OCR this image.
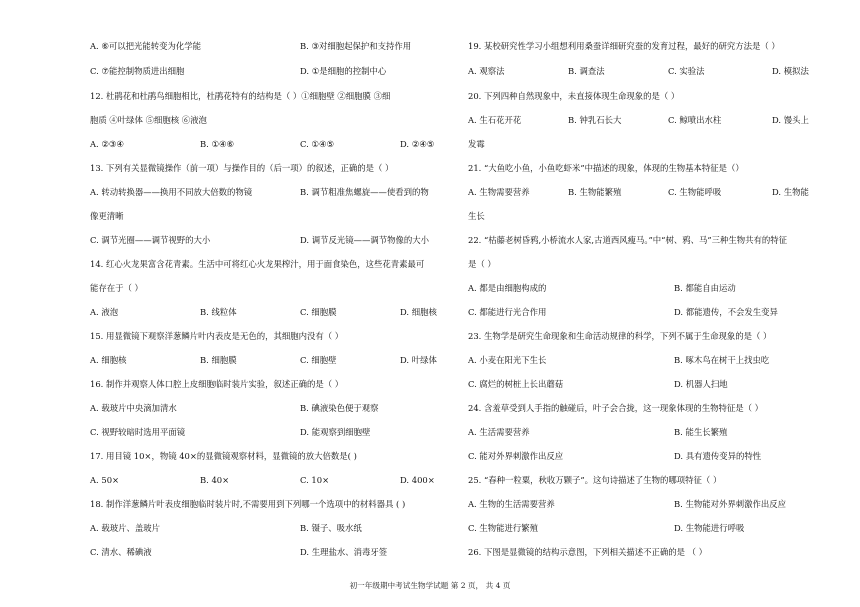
A. ⑥可以把光能转变为化学能	B. ③对细胞起保护和支持作用
C. ⑦能控制物质进出细胞	D. ①是细胞的控制中心
12. 杜鹃花和杜鹃鸟细胞相比，杜鹃花特有的结构是（ ）①细胞壁 ②细胞膜 ③细
胞质 ④叶绿体 ⑤细胞核 ⑥液泡
A. ②③④	B. ①④⑥	C. ①④⑤	D. ②④⑤
13. 下列有关显微镜操作（前一项）与操作目的（后一项）的叙述，正确的是（ ）
A. 转动转换器——换用不同放大倍数的物镜	B. 调节粗准焦螺旋——使看到的物
像更清晰
C. 调节光圈——调节视野的大小	D. 调节反光镜——调节物像的大小
14. 红心火龙果富含花青素。生活中可将红心火龙果榨汁，用于面食染色，这些花青素最可
能存在于（ ）
A. 液泡	B. 线粒体	C. 细胞膜	D. 细胞核
15. 用显微镜下观察洋葱鳞片叶内表皮是无色的，其细胞内没有（ ）
A. 细胞核	B. 细胞膜	C. 细胞壁	D. 叶绿体
16. 制作并观察人体口腔上皮细胞临时装片实验，叙述正确的是（ ）
A. 载玻片中央滴加清水	B. 碘液染色便于观察
C. 视野较暗时选用平面镜	D. 能观察到细胞壁
17. 用目镜 10×，物镜 40×的显微镜观察材料，显微镜的放大倍数是( )
A. 50×	B. 40×	C. 10×	D. 400×
18. 制作洋葱鳞片叶表皮细胞临时装片时,不需要用到下列哪一个选项中的材料器具 ( )
A. 载玻片、盖玻片	B. 镊子、吸水纸
C. 清水、稀碘液	D. 生理盐水、消毒牙签
19. 某校研究性学习小组想利用桑蚕详细研究蚕的发育过程，最好的研究方法是（ ）
A. 观察法	B. 调查法	C. 实验法	D. 模拟法
20. 下列四种自然现象中，未直接体现生命现象的是（ ）
A. 生石花开花	B. 钟乳石长大	C. 鲸喷出水柱	D. 馒头上
发霉
21. “大鱼吃小鱼，小鱼吃虾米”中描述的现象，体现的生物基本特征是（）
A. 生物需要营养	B. 生物能繁殖	C. 生物能呼吸	D. 生物能
生长
22. “枯藤老树昏鸦,小桥流水人家,古道西风瘦马。”中“树、鸦、马”三种生物共有的特征
是（ ）
A. 都是由细胞构成的	B. 都能自由运动
C. 都能进行光合作用	D. 都能遗传，不会发生变异
23. 生物学是研究生命现象和生命活动规律的科学，下列不属于生命现象的是（ ）
A. 小麦在阳光下生长	B. 啄木鸟在树干上找虫吃
C. 腐烂的树桩上长出蘑菇	D. 机器人扫地
24. 含羞草受到人手指的触碰后，叶子会合拢，这一现象体现的生物特征是（ ）
A. 生活需要营养	B. 能生长繁殖
C. 能对外界刺激作出反应	D. 具有遗传变异的特性
25. “春种一粒粟，秋收万颗子”。这句诗描述了生物的哪项特征（ ）
A. 生物的生活需要营养	B. 生物能对外界刺激作出反应
C. 生物能进行繁殖	D. 生物能进行呼吸
26. 下图是显微镜的结构示意图，下列相关描述不正确的是 （ ）
初一年级期中考试生物学试题 第 2 页， 共 4 页
